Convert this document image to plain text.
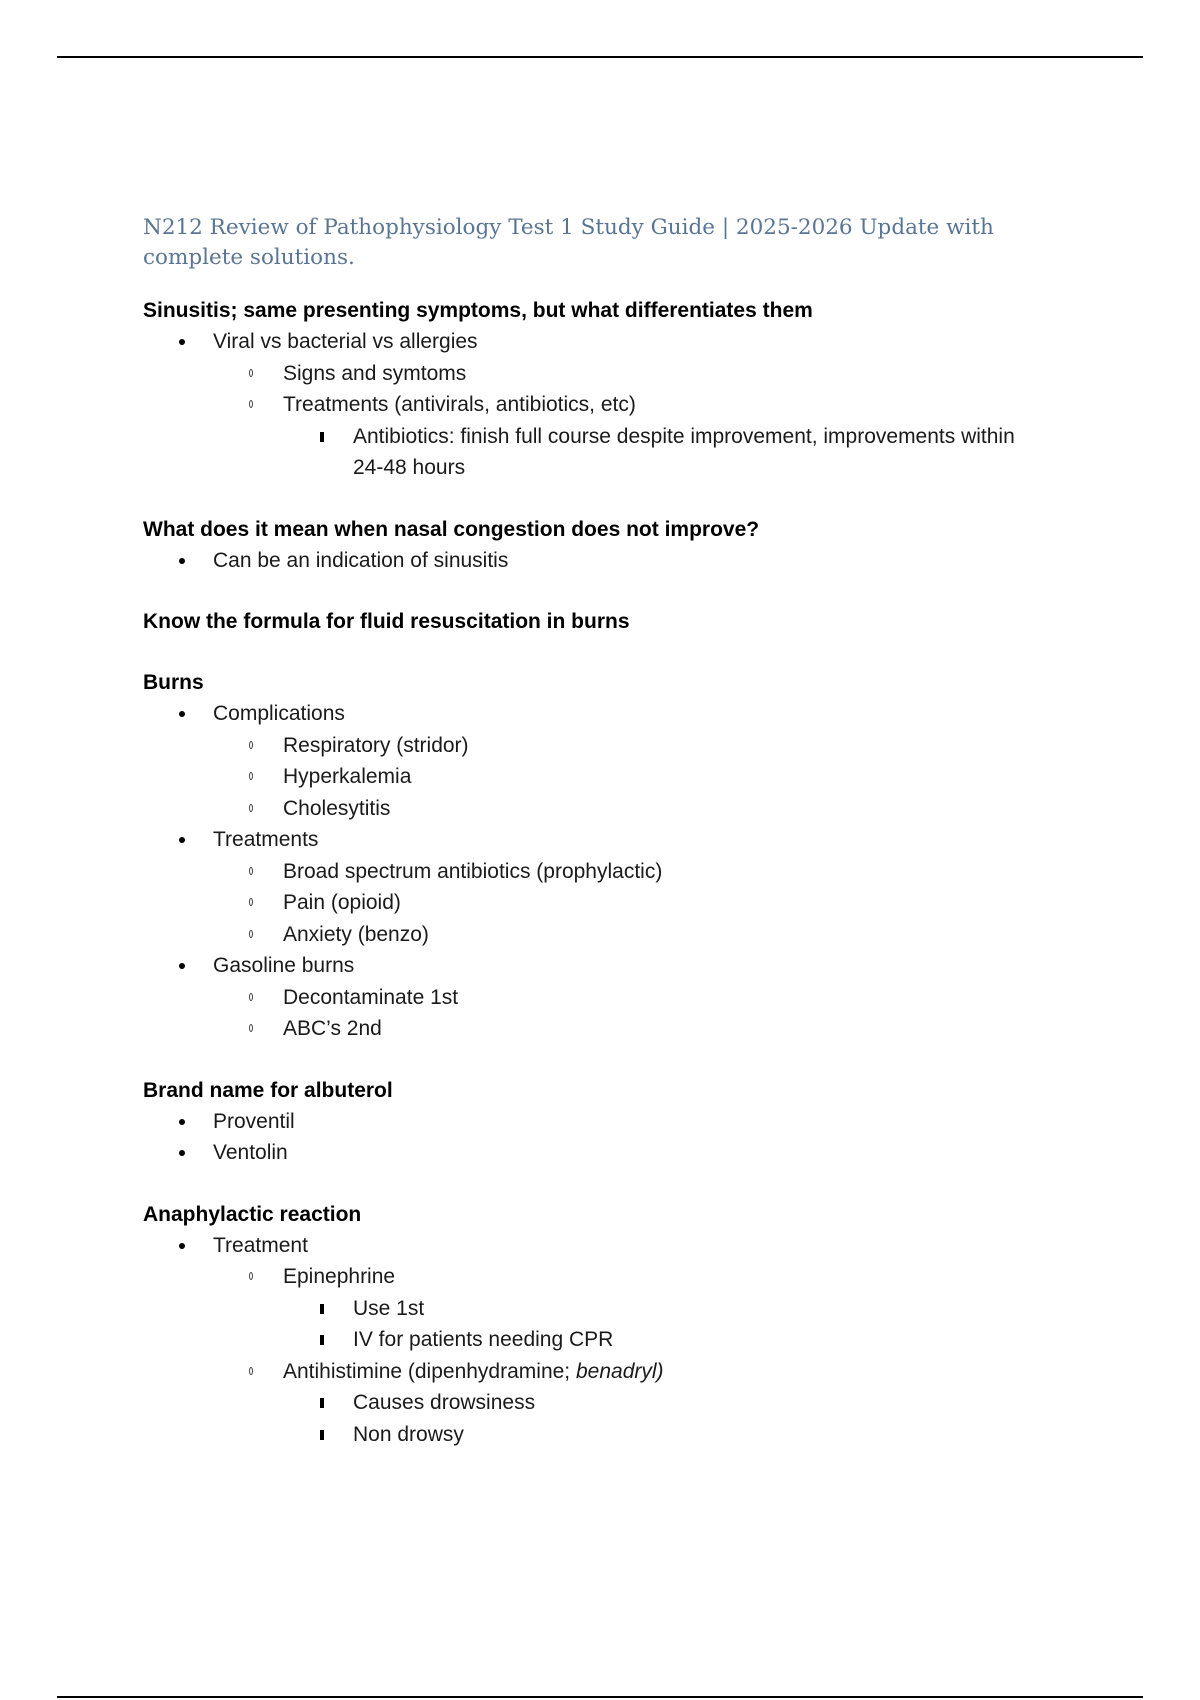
N212 Review of Pathophysiology Test 1 Study Guide | 2025-2026 Update with complete solutions.
Sinusitis; same presenting symptoms, but what differentiates them
Viral vs bacterial vs allergies
Signs and symtoms
Treatments (antivirals, antibiotics, etc)
Antibiotics: finish full course despite improvement, improvements within 24-48 hours
What does it mean when nasal congestion does not improve?
Can be an indication of sinusitis
Know the formula for fluid resuscitation in burns
Burns
Complications
Respiratory (stridor)
Hyperkalemia
Cholesytitis
Treatments
Broad spectrum antibiotics (prophylactic)
Pain (opioid)
Anxiety (benzo)
Gasoline burns
Decontaminate 1st
ABC’s 2nd
Brand name for albuterol
Proventil
Ventolin
Anaphylactic reaction
Treatment
Epinephrine
Use 1st
IV for patients needing CPR
Antihistimine (dipenhydramine; benadryl)
Causes drowsiness
Non drowsy
